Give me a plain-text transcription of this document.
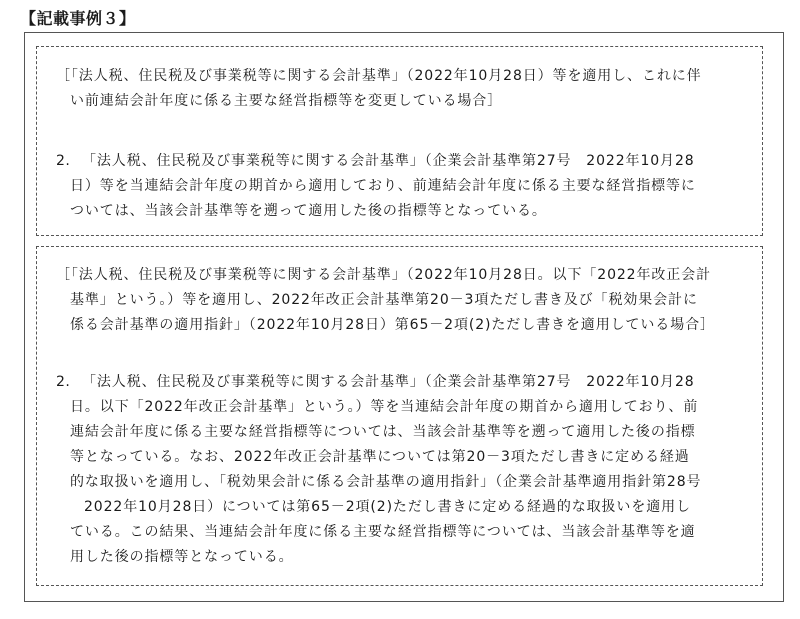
【記載事例３】
［「法人税、住民税及び事業税等に関する会計基準」（2022年10月28日）等を適用し、これに伴
い前連結会計年度に係る主要な経営指標等を変更している場合］
2. 「法人税、住民税及び事業税等に関する会計基準」（企業会計基準第27号　2022年10月28
日）等を当連結会計年度の期首から適用しており、前連結会計年度に係る主要な経営指標等に
ついては、当該会計基準等を遡って適用した後の指標等となっている。
［「法人税、住民税及び事業税等に関する会計基準」（2022年10月28日。以下「2022年改正会計
基準」という。）等を適用し、2022年改正会計基準第20－3項ただし書き及び「税効果会計に
係る会計基準の適用指針」（2022年10月28日）第65－2項(2)ただし書きを適用している場合］
2. 「法人税、住民税及び事業税等に関する会計基準」（企業会計基準第27号　2022年10月28
日。以下「2022年改正会計基準」という。）等を当連結会計年度の期首から適用しており、前
連結会計年度に係る主要な経営指標等については、当該会計基準等を遡って適用した後の指標
等となっている。なお、2022年改正会計基準については第20－3項ただし書きに定める経過
的な取扱いを適用し、「税効果会計に係る会計基準の適用指針」（企業会計基準適用指針第28号
2022年10月28日）については第65－2項(2)ただし書きに定める経過的な取扱いを適用し
ている。この結果、当連結会計年度に係る主要な経営指標等については、当該会計基準等を適
用した後の指標等となっている。
